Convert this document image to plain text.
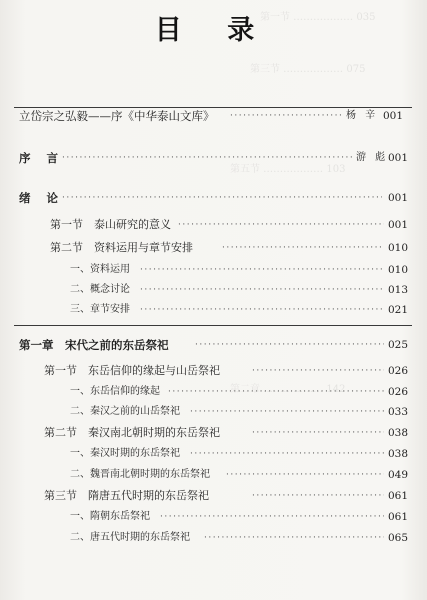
第一节 ……………… 035
第三节 ……………… 075
第五节 ……………… 103
第二章 ……………… 142
目 录
立岱宗之弘毅——序《中华泰山文库》 ·····	杨 辛 001
序 言 ·····	游 彪 001
绪 论 ·····	001
第一节　泰山研究的意义 ·····	001
第二节　资料运用与章节安排 ·····	010
一、资料运用 ·····	010
二、概念讨论 ·····	013
三、章节安排 ·····	021
第一章　宋代之前的东岳祭祀 ·····	025
第一节　东岳信仰的缘起与山岳祭祀 ·····	026
一、东岳信仰的缘起 ·····	026
二、秦汉之前的山岳祭祀 ·····	033
第二节　秦汉南北朝时期的东岳祭祀 ·····	038
一、秦汉时期的东岳祭祀 ·····	038
二、魏晋南北朝时期的东岳祭祀 ·····	049
第三节　隋唐五代时期的东岳祭祀 ·····	061
一、隋朝东岳祭祀 ·····	061
二、唐五代时期的东岳祭祀 ·····	065
